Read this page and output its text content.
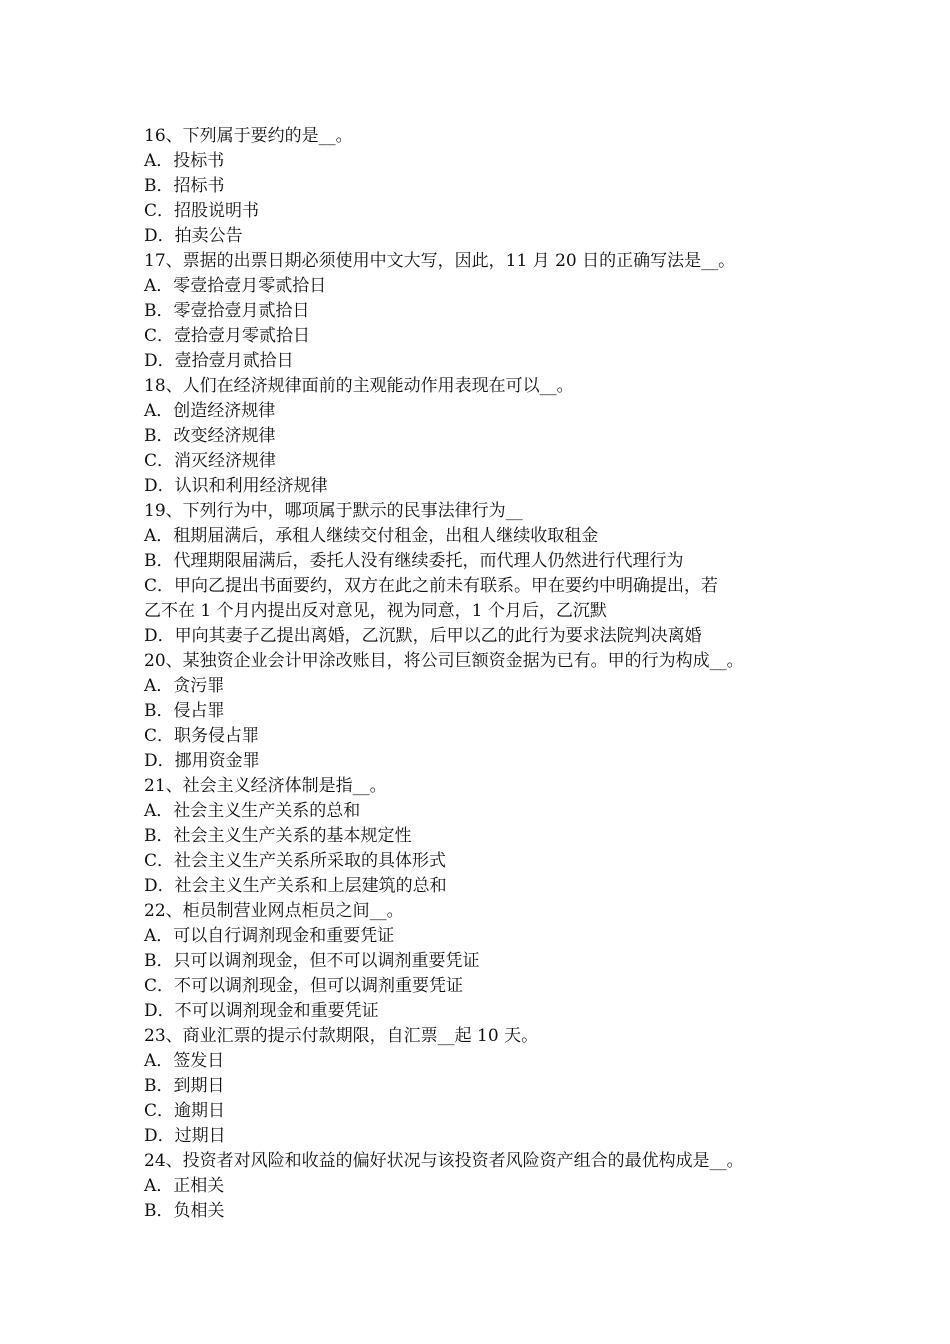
16、下列属于要约的是__。
A．投标书
B．招标书
C．招股说明书
D．拍卖公告
17、票据的出票日期必须使用中文大写，因此，11 月 20 日的正确写法是__。
A．零壹拾壹月零贰拾日
B．零壹拾壹月贰拾日
C．壹拾壹月零贰拾日
D．壹拾壹月贰拾日
18、人们在经济规律面前的主观能动作用表现在可以__。
A．创造经济规律
B．改变经济规律
C．消灭经济规律
D．认识和利用经济规律
19、下列行为中，哪项属于默示的民事法律行为__
A．租期届满后，承租人继续交付租金，出租人继续收取租金
B．代理期限届满后，委托人没有继续委托，而代理人仍然进行代理行为
C．甲向乙提出书面要约，双方在此之前未有联系。甲在要约中明确提出，若
乙不在 1 个月内提出反对意见，视为同意，1 个月后，乙沉默
D．甲向其妻子乙提出离婚，乙沉默，后甲以乙的此行为要求法院判决离婚
20、某独资企业会计甲涂改账目，将公司巨额资金据为已有。甲的行为构成__。
A．贪污罪
B．侵占罪
C．职务侵占罪
D．挪用资金罪
21、社会主义经济体制是指__。
A．社会主义生产关系的总和
B．社会主义生产关系的基本规定性
C．社会主义生产关系所采取的具体形式
D．社会主义生产关系和上层建筑的总和
22、柜员制营业网点柜员之间__。
A．可以自行调剂现金和重要凭证
B．只可以调剂现金，但不可以调剂重要凭证
C．不可以调剂现金，但可以调剂重要凭证
D．不可以调剂现金和重要凭证
23、商业汇票的提示付款期限，自汇票__起 10 天。
A．签发日
B．到期日
C．逾期日
D．过期日
24、投资者对风险和收益的偏好状况与该投资者风险资产组合的最优构成是__。
A．正相关
B．负相关
